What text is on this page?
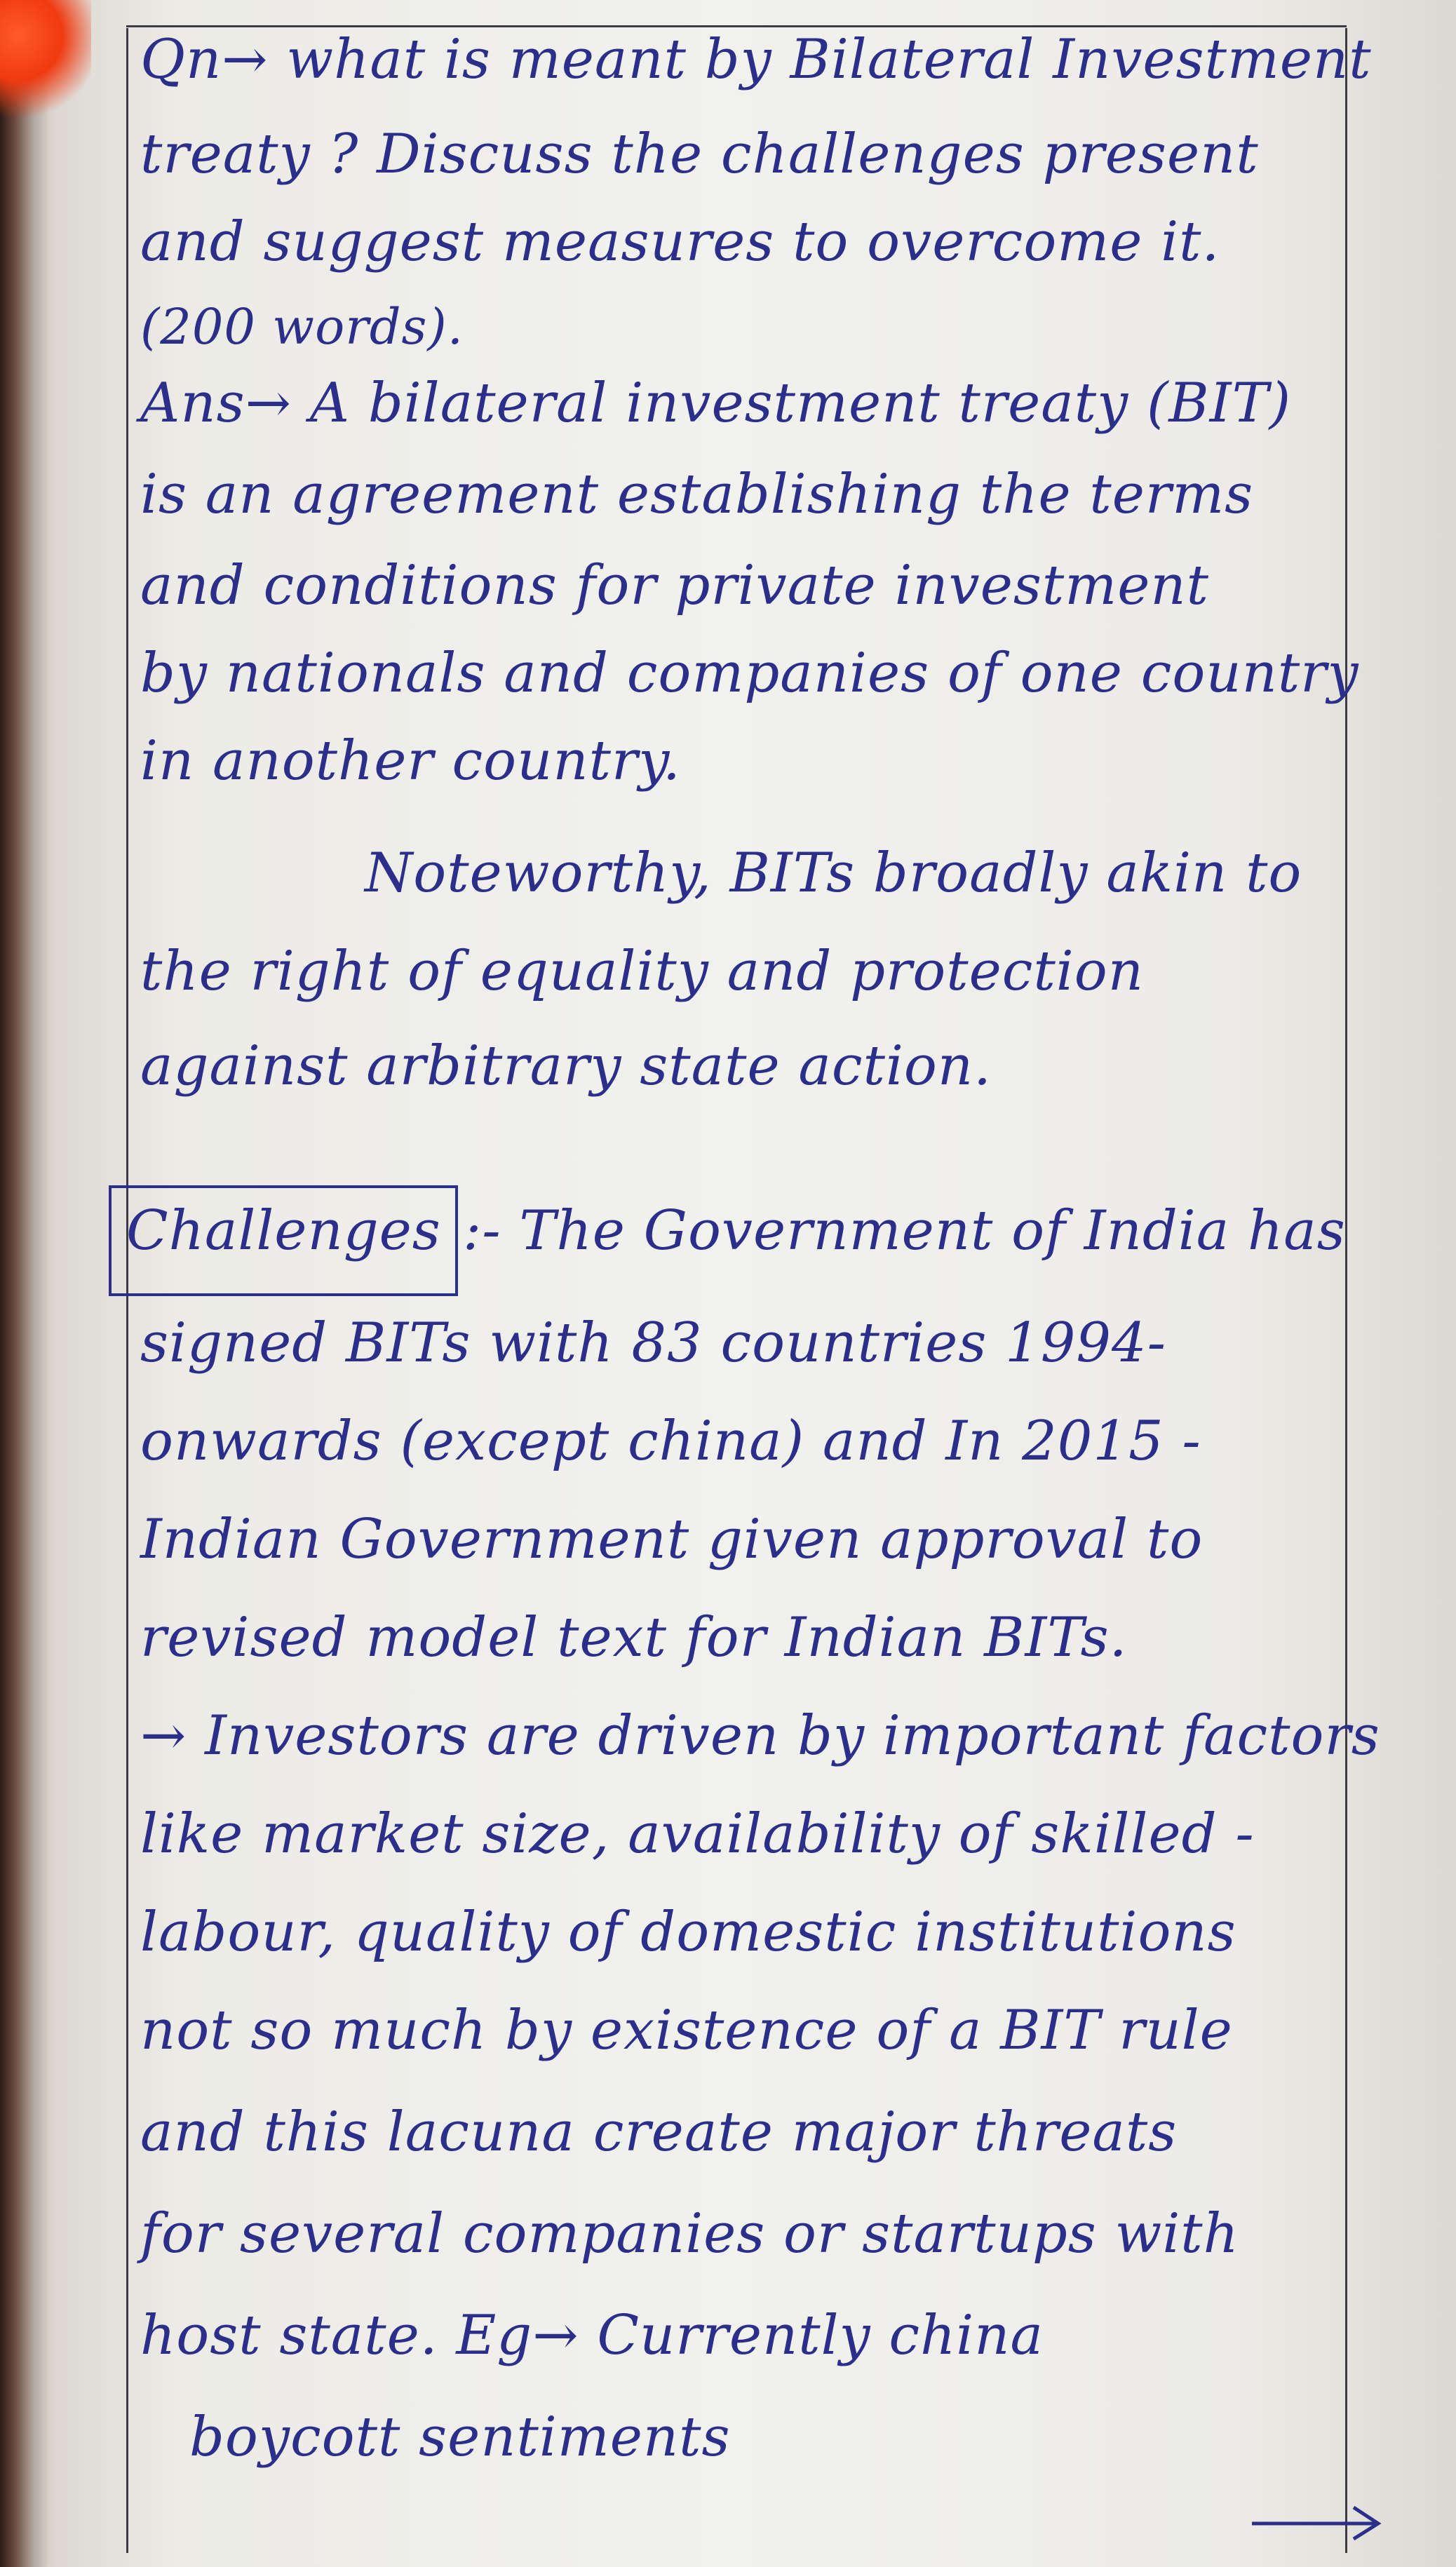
Qn→ what is meant by Bilateral Investment
treaty ? Discuss the challenges present
and suggest measures to overcome it.
(200 words).
Ans→ A bilateral investment treaty (BIT)
is an agreement establishing the terms
and conditions for private investment
by nationals and companies of one country
in another country.
Noteworthy, BITs broadly akin to
the right of equality and protection
against arbitrary state action.
Challenges :- The Government of India has
signed BITs with 83 countries 1994-
onwards (except china) and In 2015 -
Indian Government given approval to
revised model text for Indian BITs.
→ Investors are driven by important factors
like market size, availability of skilled -
labour, quality of domestic institutions
not so much by existence of a BIT rule
and this lacuna create major threats
for several companies or startups with
host state. Eg→ Currently china
boycott sentiments
